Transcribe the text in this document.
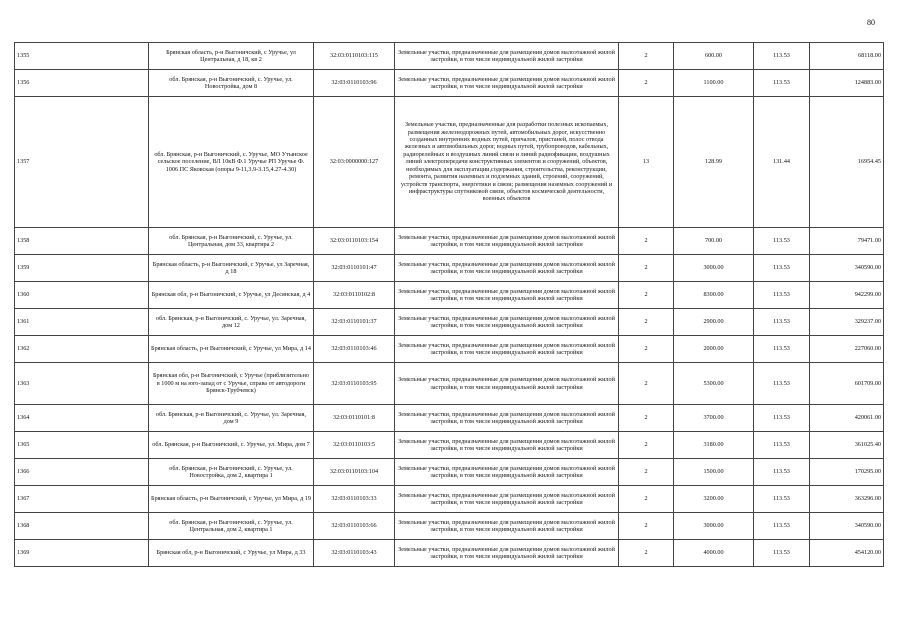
80
1355	Брянская область, р-н Выгоничский, с Уручье, ул Центральная, д 18, кв 2	32:03:0110103:115	Земельные участки, предназначенные для размещения домов малоэтажной жилой застройки, в том числе индивидуальной жилой застройки	2	600.00	113.53	68118.00
1356	обл. Брянская, р-н Выгоничский, с. Уручье, ул. Новостройка, дом 8	32:03:0110103:96	Земельные участки, предназначенные для размещения домов малоэтажной жилой застройки, в том числе индивидуальной жилой застройки	2	1100.00	113.53	124883.00
1357	обл. Брянская, р-н Выгоничский, с. Уручье, МО Утынское сельское поселение, ВЛ 10кВ Ф.1 Уручье РП Уручье Ф. 1006 ПС Яковская (опоры 9-11,3.9-3.15,4.27-4.30)	32:03:0000000:127	Земельные участки, предназначенные для разработки полезных ископаемых, размещения железнодорожных путей, автомобильных дорог, искусственно созданных внутренних водных путей, причалов, пристаней, полос отвода железных и автомобильных дорог, водных путей, трубопроводов, кабельных, радиорелейных и воздушных линий связи и линий радиофикации, воздушных линий электропередачи конструктивных элементов и сооружений, объектов, необходимых для эксплуатации,содержания, строительства, реконструкции, ремонта, развития наземных и подземных зданий, строений, сооружений, устройств транспорта, энергетики и связи; размещения наземных сооружений и инфраструктуры спутниковой связи, объектов космической деятельности, военных объектов	13	128.99	131.44	16954.45
1358	обл. Брянская, р-н Выгоничский, с. Уручье, ул. Центральная, дом 33, квартира 2	32:03:0110103:154	Земельные участки, предназначенные для размещения домов малоэтажной жилой застройки, в том числе индивидуальной жилой застройки	2	700.00	113.53	79471.00
1359	Брянская область, р-н Выгоничский, с Уручье, ул Заречная, д 18	32:03:0110101:47	Земельные участки, предназначенные для размещения домов малоэтажной жилой застройки, в том числе индивидуальной жилой застройки	2	3000.00	113.53	340590.00
1360	Брянская обл, р-н Выгоничский, с Уручье, ул Десянская, д 4	32:03:0110102:8	Земельные участки, предназначенные для размещения домов малоэтажной жилой застройки, в том числе индивидуальной жилой застройки	2	8300.00	113.53	942299.00
1361	обл. Брянская, р-н Выгоничский, с. Уручье, ул. Заречная, дом 12	32:03:0110101:37	Земельные участки, предназначенные для размещения домов малоэтажной жилой застройки, в том числе индивидуальной жилой застройки	2	2900.00	113.53	329237.00
1362	Брянская область, р-н Выгоничский, с Уручье, ул Мира, д 14	32:03:0110103:46	Земельные участки, предназначенные для размещения домов малоэтажной жилой застройки, в том числе индивидуальной жилой застройки	2	2000.00	113.53	227060.00
1363	Брянская обл, р-н Выгоничский, с Уручье (приблизительно в 1000 м на юго-запад от с Уручье, справа от автодороги Брянск-Трубчевск)	32:03:0110103:95	Земельные участки, предназначенные для размещения домов малоэтажной жилой застройки, в том числе индивидуальной жилой застройки	2	5300.00	113.53	601709.00
1364	обл. Брянская, р-н Выгоничский, с. Уручье, ул. Заречная, дом 9	32:03:0110101:8	Земельные участки, предназначенные для размещения домов малоэтажной жилой застройки, в том числе индивидуальной жилой застройки	2	3700.00	113.53	420061.00
1365	обл. Брянская, р-н Выгоничский, с. Уручье, ул. Мира, дом 7	32:03:0110103:5	Земельные участки, предназначенные для размещения домов малоэтажной жилой застройки, в том числе индивидуальной жилой застройки	2	3180.00	113.53	361025.40
1366	обл. Брянская, р-н Выгоничский, с. Уручье, ул. Новостройка, дом 2, квартира 1	32:03:0110103:104	Земельные участки, предназначенные для размещения домов малоэтажной жилой застройки, в том числе индивидуальной жилой застройки	2	1500.00	113.53	170295.00
1367	Брянская область, р-н Выгоничский, с Уручье, ул Мира, д 19	32:03:0110103:33	Земельные участки, предназначенные для размещения домов малоэтажной жилой застройки, в том числе индивидуальной жилой застройки	2	3200.00	113.53	363296.00
1368	обл. Брянская, р-н Выгоничский, с. Уручье, ул. Центральная, дом 2, квартира 1	32:03:0110103:66	Земельные участки, предназначенные для размещения домов малоэтажной жилой застройки, в том числе индивидуальной жилой застройки	2	3000.00	113.53	340590.00
1369	Брянская обл, р-н Выгоничский, с Уручье, ул Мира, д 33	32:03:0110103:43	Земельные участки, предназначенные для размещения домов малоэтажной жилой застройки, в том числе индивидуальной жилой застройки	2	4000.00	113.53	454120.00
